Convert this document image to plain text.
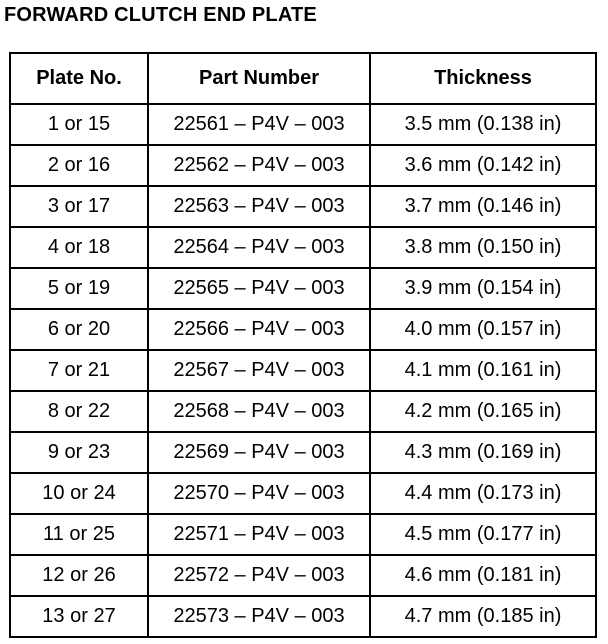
FORWARD CLUTCH END PLATE
Plate No.	Part Number	Thickness
1 or 15	22561 – P4V – 003	3.5 mm (0.138 in)
2 or 16	22562 – P4V – 003	3.6 mm (0.142 in)
3 or 17	22563 – P4V – 003	3.7 mm (0.146 in)
4 or 18	22564 – P4V – 003	3.8 mm (0.150 in)
5 or 19	22565 – P4V – 003	3.9 mm (0.154 in)
6 or 20	22566 – P4V – 003	4.0 mm (0.157 in)
7 or 21	22567 – P4V – 003	4.1 mm (0.161 in)
8 or 22	22568 – P4V – 003	4.2 mm (0.165 in)
9 or 23	22569 – P4V – 003	4.3 mm (0.169 in)
10 or 24	22570 – P4V – 003	4.4 mm (0.173 in)
11 or 25	22571 – P4V – 003	4.5 mm (0.177 in)
12 or 26	22572 – P4V – 003	4.6 mm (0.181 in)
13 or 27	22573 – P4V – 003	4.7 mm (0.185 in)
